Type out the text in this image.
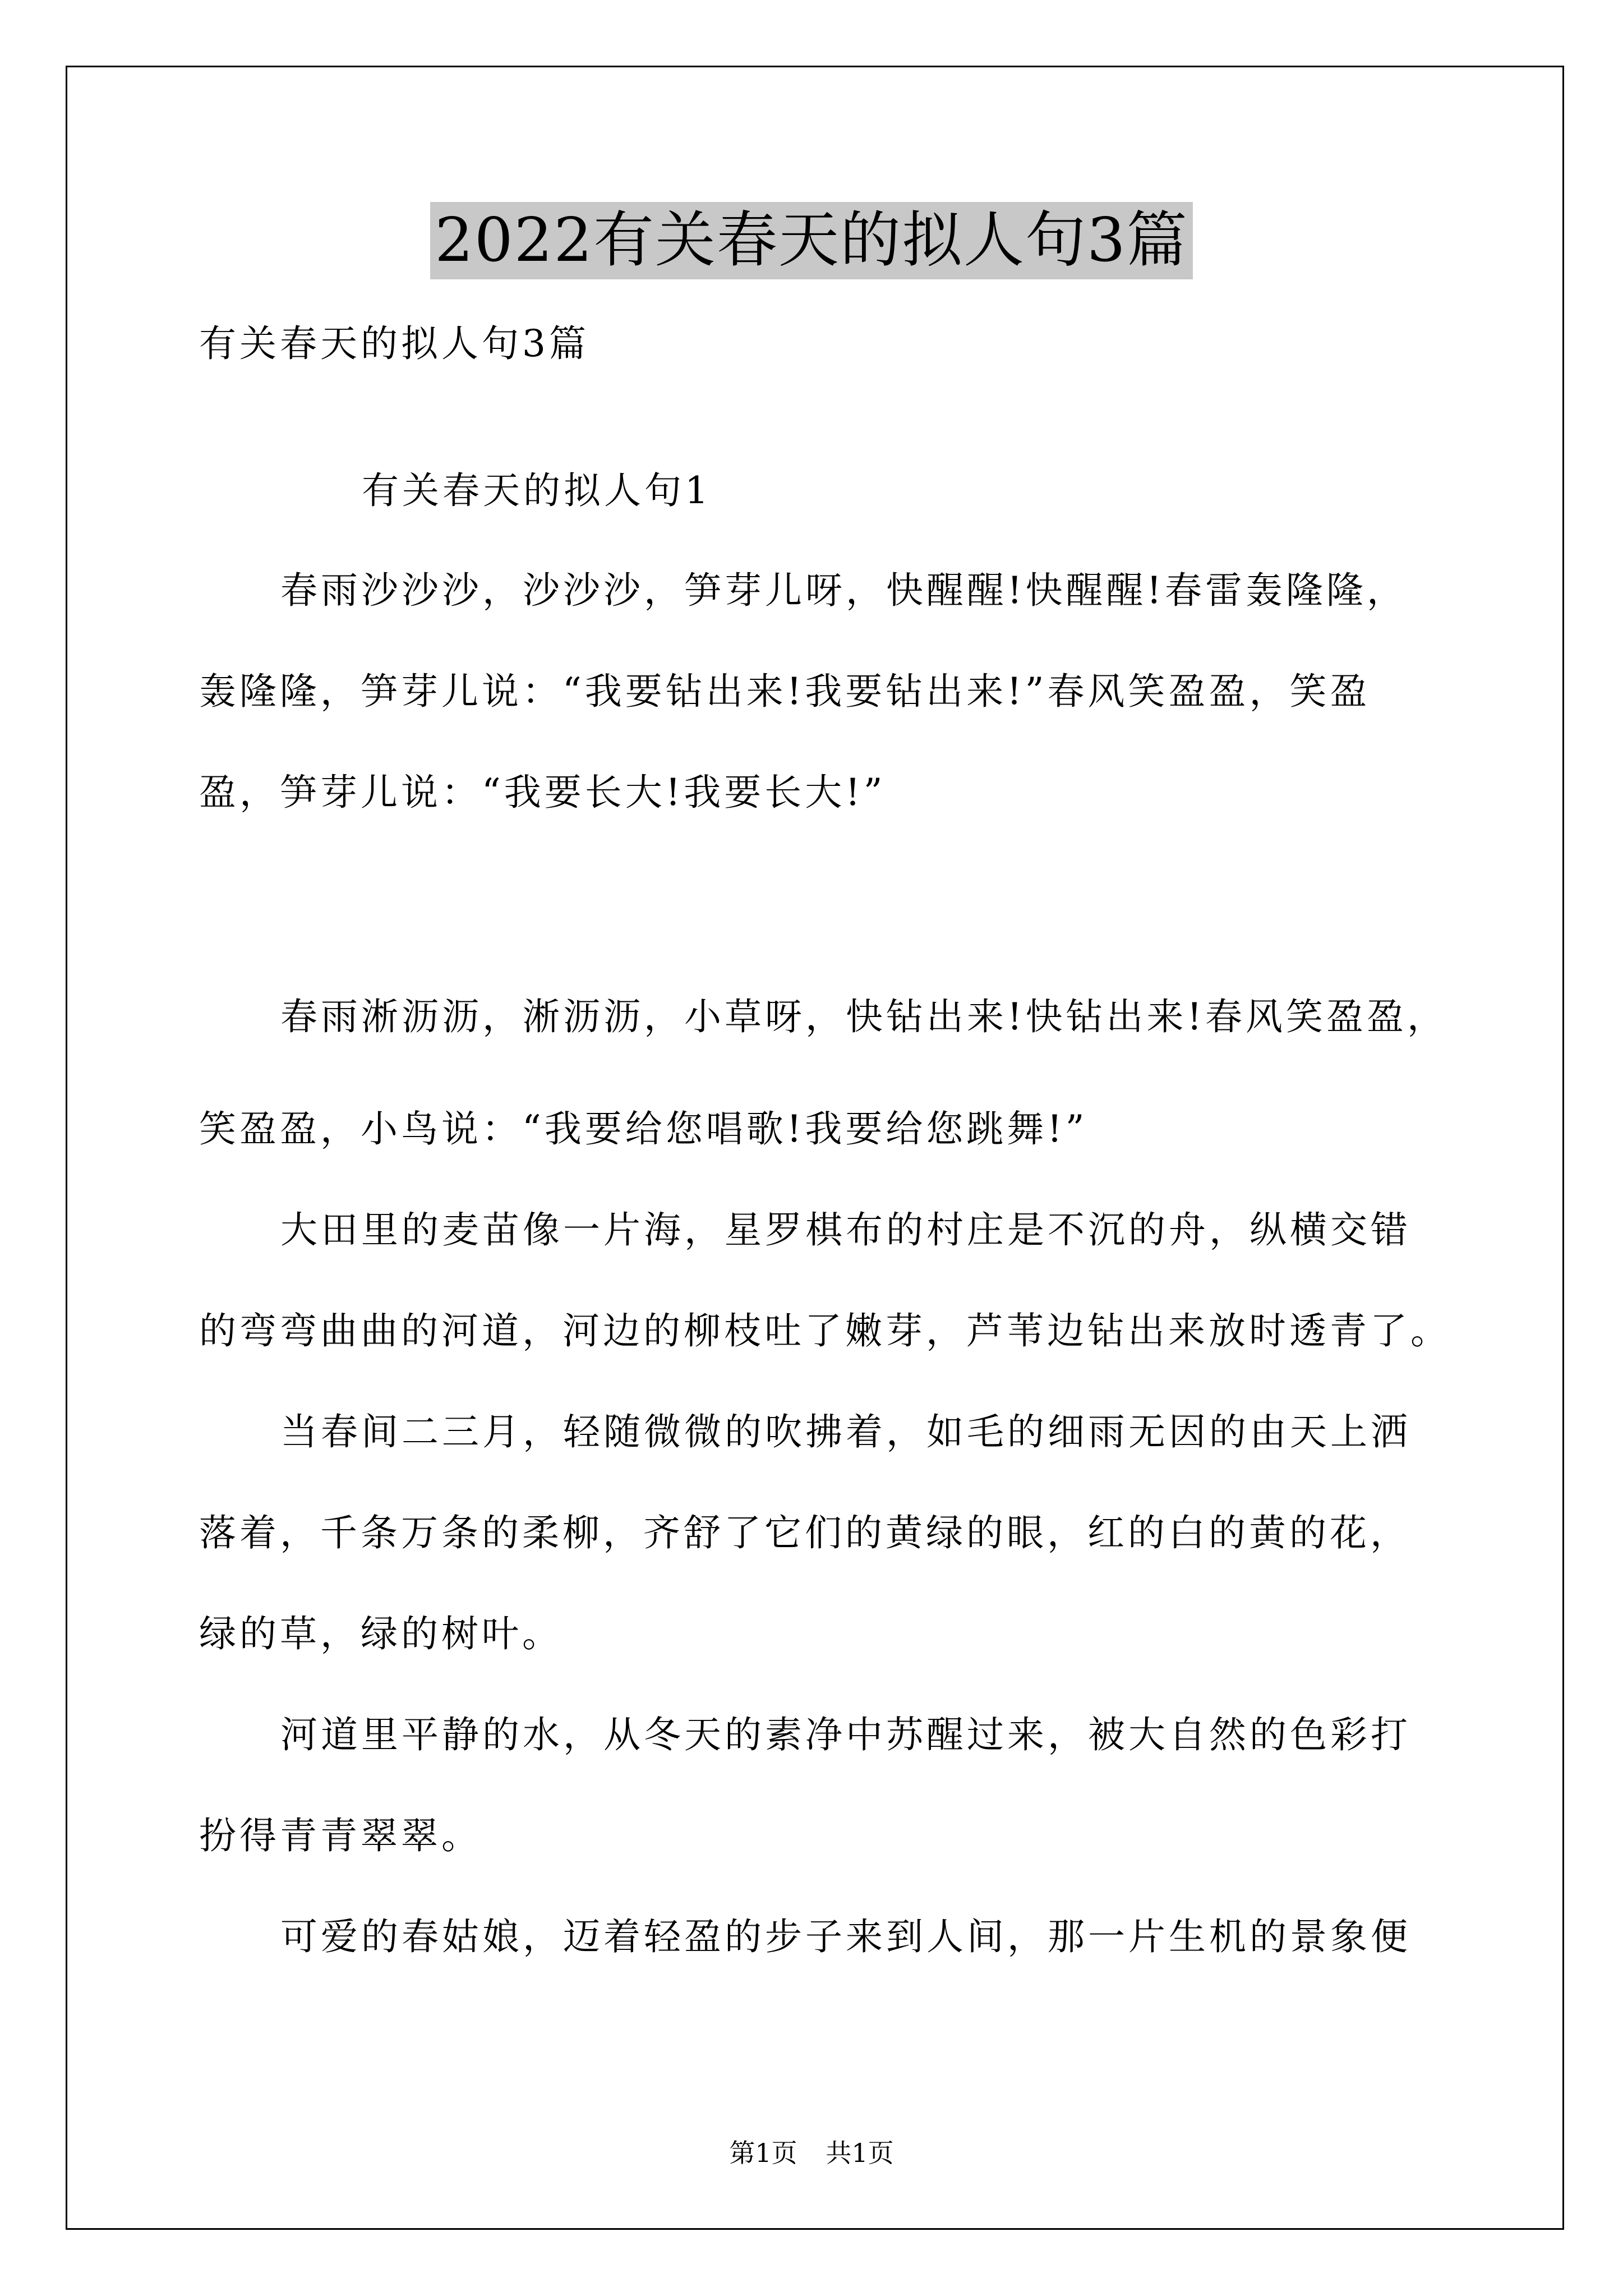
2022有关春天的拟人句3篇
有关春天的拟人句3篇
有关春天的拟人句1
春雨沙沙沙，沙沙沙，笋芽儿呀，快醒醒!快醒醒!春雷轰隆隆，
轰隆隆，笋芽儿说：“我要钻出来!我要钻出来!”春风笑盈盈，笑盈
盈，笋芽儿说：“我要长大!我要长大!”
春雨淅沥沥，淅沥沥，小草呀，快钻出来!快钻出来!春风笑盈盈，
笑盈盈，小鸟说：“我要给您唱歌!我要给您跳舞!”
大田里的麦苗像一片海，星罗棋布的村庄是不沉的舟，纵横交错
的弯弯曲曲的河道，河边的柳枝吐了嫩芽，芦苇边钻出来放时透青了。
当春间二三月，轻随微微的吹拂着，如毛的细雨无因的由天上洒
落着，千条万条的柔柳，齐舒了它们的黄绿的眼，红的白的黄的花，
绿的草，绿的树叶。
河道里平静的水，从冬天的素净中苏醒过来，被大自然的色彩打
扮得青青翠翠。
可爱的春姑娘，迈着轻盈的步子来到人间，那一片生机的景象便
第1页 共1页
